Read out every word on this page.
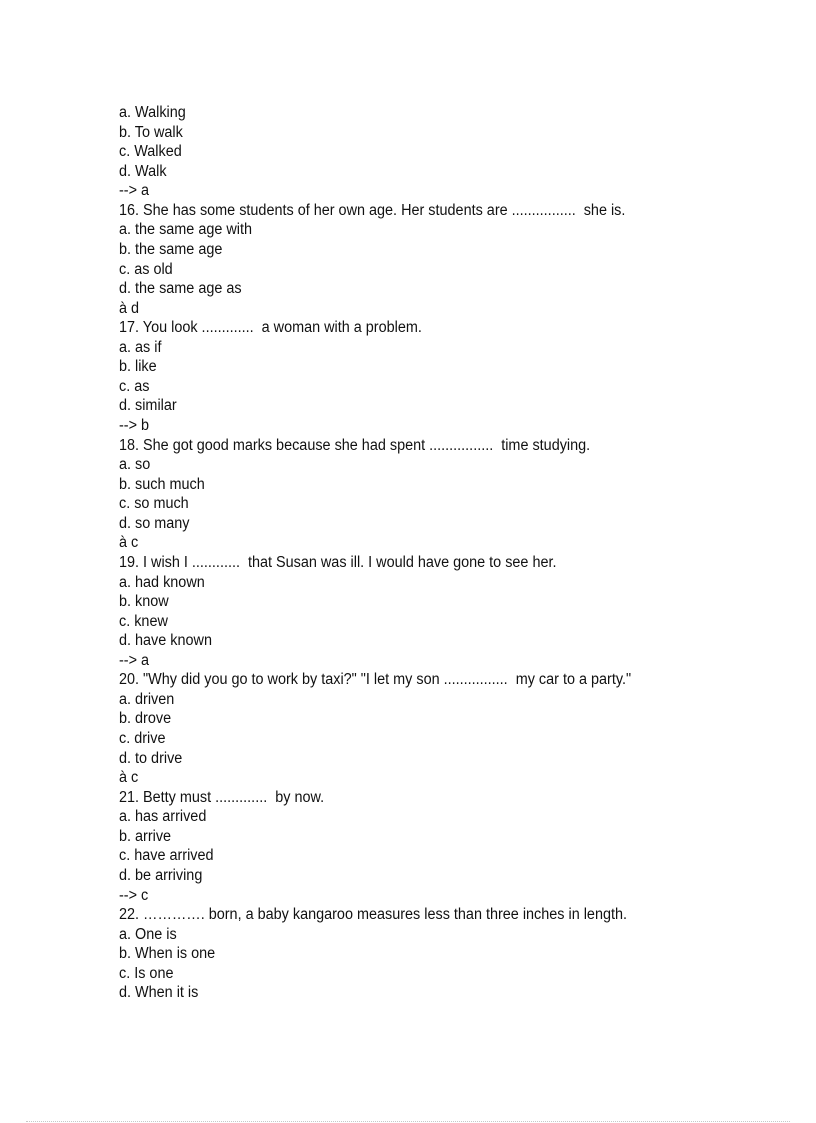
a. Walking
b. To walk
c. Walked
d. Walk
--> a
16. She has some students of her own age. Her students are ................  she is.
a. the same age with
b. the same age
c. as old
d. the same age as
à d
17. You look .............  a woman with a problem.
a. as if
b. like
c. as
d. similar
--> b
18. She got good marks because she had spent ................  time studying.
a. so
b. such much
c. so much
d. so many
à c
19. I wish I ............  that Susan was ill. I would have gone to see her.
a. had known
b. know
c. knew
d. have known
--> a
20. "Why did you go to work by taxi?" "I let my son ................  my car to a party."
a. driven
b. drove
c. drive
d. to drive
à c
21. Betty must .............  by now.
a. has arrived
b. arrive
c. have arrived
d. be arriving
--> c
22. …………. born, a baby kangaroo measures less than three inches in length.
a. One is
b. When is one
c. Is one
d. When it is
